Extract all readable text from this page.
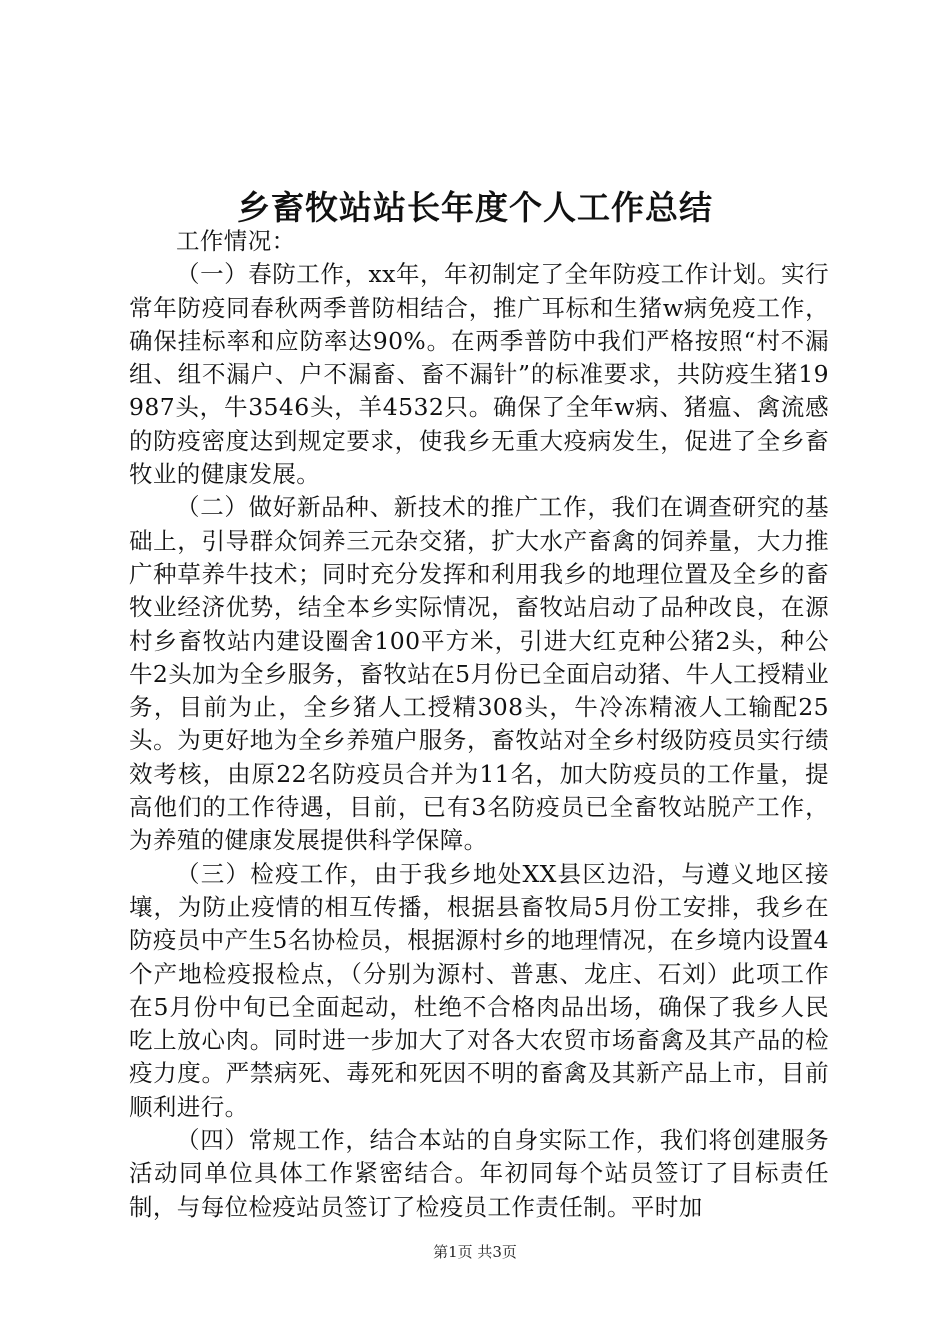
乡畜牧站站长年度个人工作总结

工作情况：

（一）春防工作，xx年，年初制定了全年防疫工作计划。实行常年防疫同春秋两季普防相结合，推广耳标和生猪w病免疫工作，确保挂标率和应防率达90%。在两季普防中我们严格按照“村不漏组、组不漏户、户不漏畜、畜不漏针”的标准要求，共防疫生猪19987头，牛3546头，羊4532只。确保了全年w病、猪瘟、禽流感的防疫密度达到规定要求，使我乡无重大疫病发生，促进了全乡畜牧业的健康发展。

（二）做好新品种、新技术的推广工作，我们在调查研究的基础上，引导群众饲养三元杂交猪，扩大水产畜禽的饲养量，大力推广种草养牛技术；同时充分发挥和利用我乡的地理位置及全乡的畜牧业经济优势，结全本乡实际情况，畜牧站启动了品种改良，在源村乡畜牧站内建设圈舍100平方米，引进大红克种公猪2头，种公牛2头加为全乡服务，畜牧站在5月份已全面启动猪、牛人工授精业务，目前为止，全乡猪人工授精308头，牛冷冻精液人工输配25头。为更好地为全乡养殖户服务，畜牧站对全乡村级防疫员实行绩效考核，由原22名防疫员合并为11名，加大防疫员的工作量，提高他们的工作待遇，目前，已有3名防疫员已全畜牧站脱产工作，为养殖的健康发展提供科学保障。

（三）检疫工作，由于我乡地处XX县区边沿，与遵义地区接壤，为防止疫情的相互传播，根据县畜牧局5月份工安排，我乡在防疫员中产生5名协检员，根据源村乡的地理情况，在乡境内设置4个产地检疫报检点，（分别为源村、普惠、龙庄、石刘）此项工作在5月份中旬已全面起动，杜绝不合格肉品出场，确保了我乡人民吃上放心肉。同时进一步加大了对各大农贸市场畜禽及其产品的检疫力度。严禁病死、毒死和死因不明的畜禽及其新产品上市，目前顺利进行。

（四）常规工作，结合本站的自身实际工作，我们将创建服务活动同单位具体工作紧密结合。年初同每个站员签订了目标责任制，与每位检疫站员签订了检疫员工作责任制。平时加

第1页 共3页
